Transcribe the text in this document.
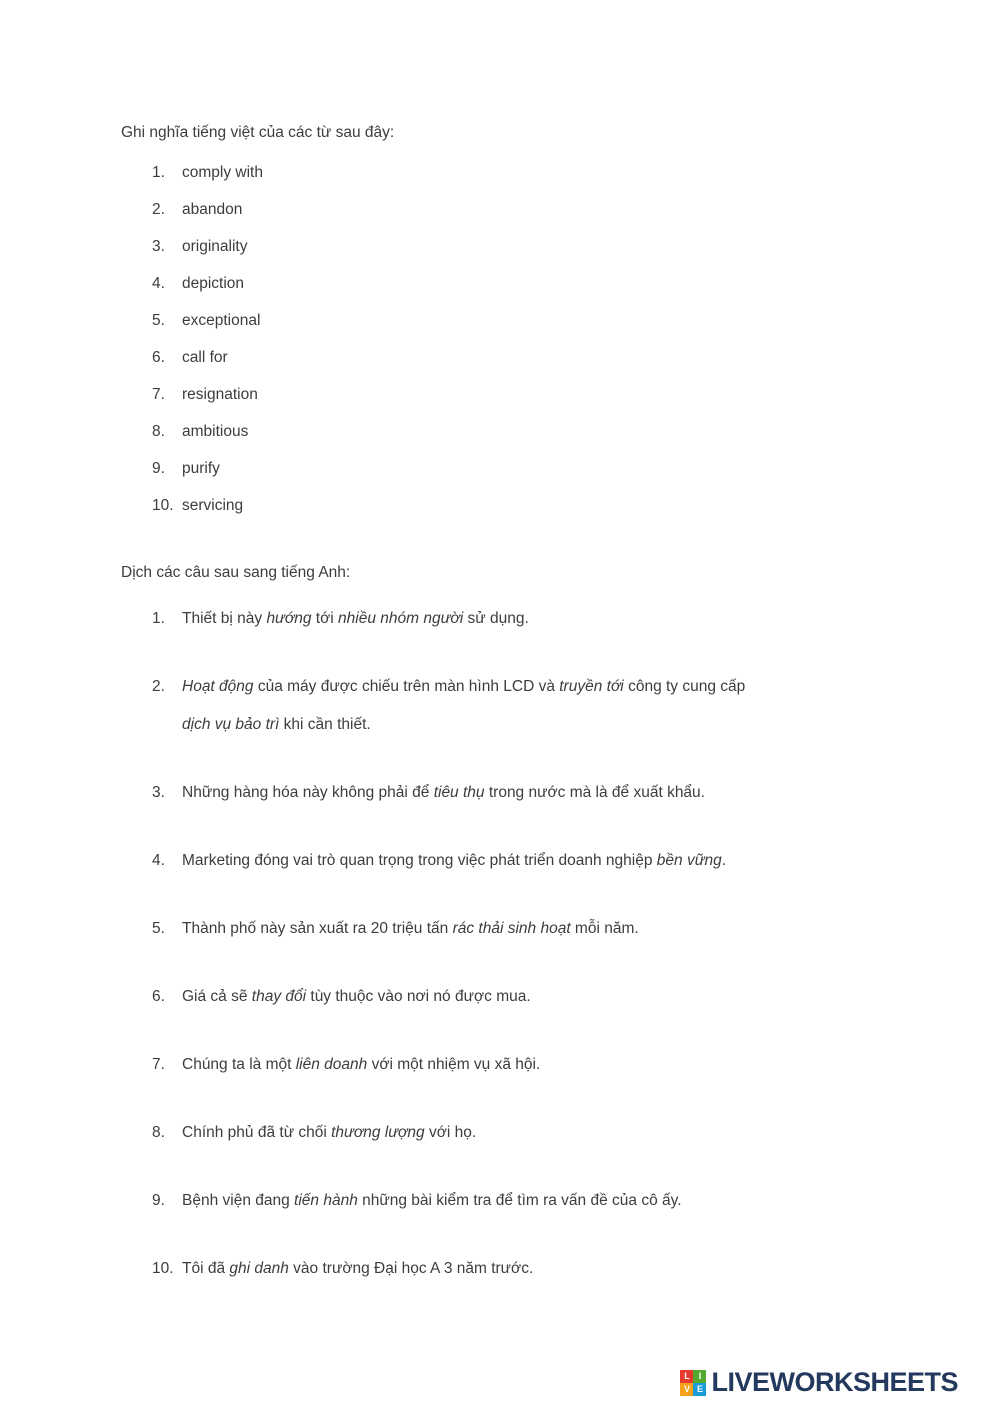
Ghi nghĩa tiếng việt của các từ sau đây:
1.	comply with
2.	abandon
3.	originality
4.	depiction
5.	exceptional
6.	call for
7.	resignation
8.	ambitious
9.	purify
10. servicing
Dịch các câu sau sang tiếng Anh:
1.	Thiết bị này hướng tới nhiều nhóm người sử dụng.
2.	Hoạt động của máy được chiếu trên màn hình LCD và truyền tới công ty cung cấp
dịch vụ bảo trì khi cần thiết.
3.	Những hàng hóa này không phải để tiêu thụ trong nước mà là để xuất khẩu.
4.	Marketing đóng vai trò quan trọng trong việc phát triển doanh nghiệp bền vững.
5.	Thành phố này sản xuất ra 20 triệu tấn rác thải sinh hoạt mỗi năm.
6.	Giá cả sẽ thay đổi tùy thuộc vào nơi nó được mua.
7.	Chúng ta là một liên doanh với một nhiệm vụ xã hội.
8.	Chính phủ đã từ chối thương lượng với họ.
9.	Bệnh viện đang tiến hành những bài kiểm tra để tìm ra vấn đề của cô ấy.
10. Tôi đã ghi danh vào trường Đại học A 3 năm trước.
L I
V E LIVEWORKSHEETS
